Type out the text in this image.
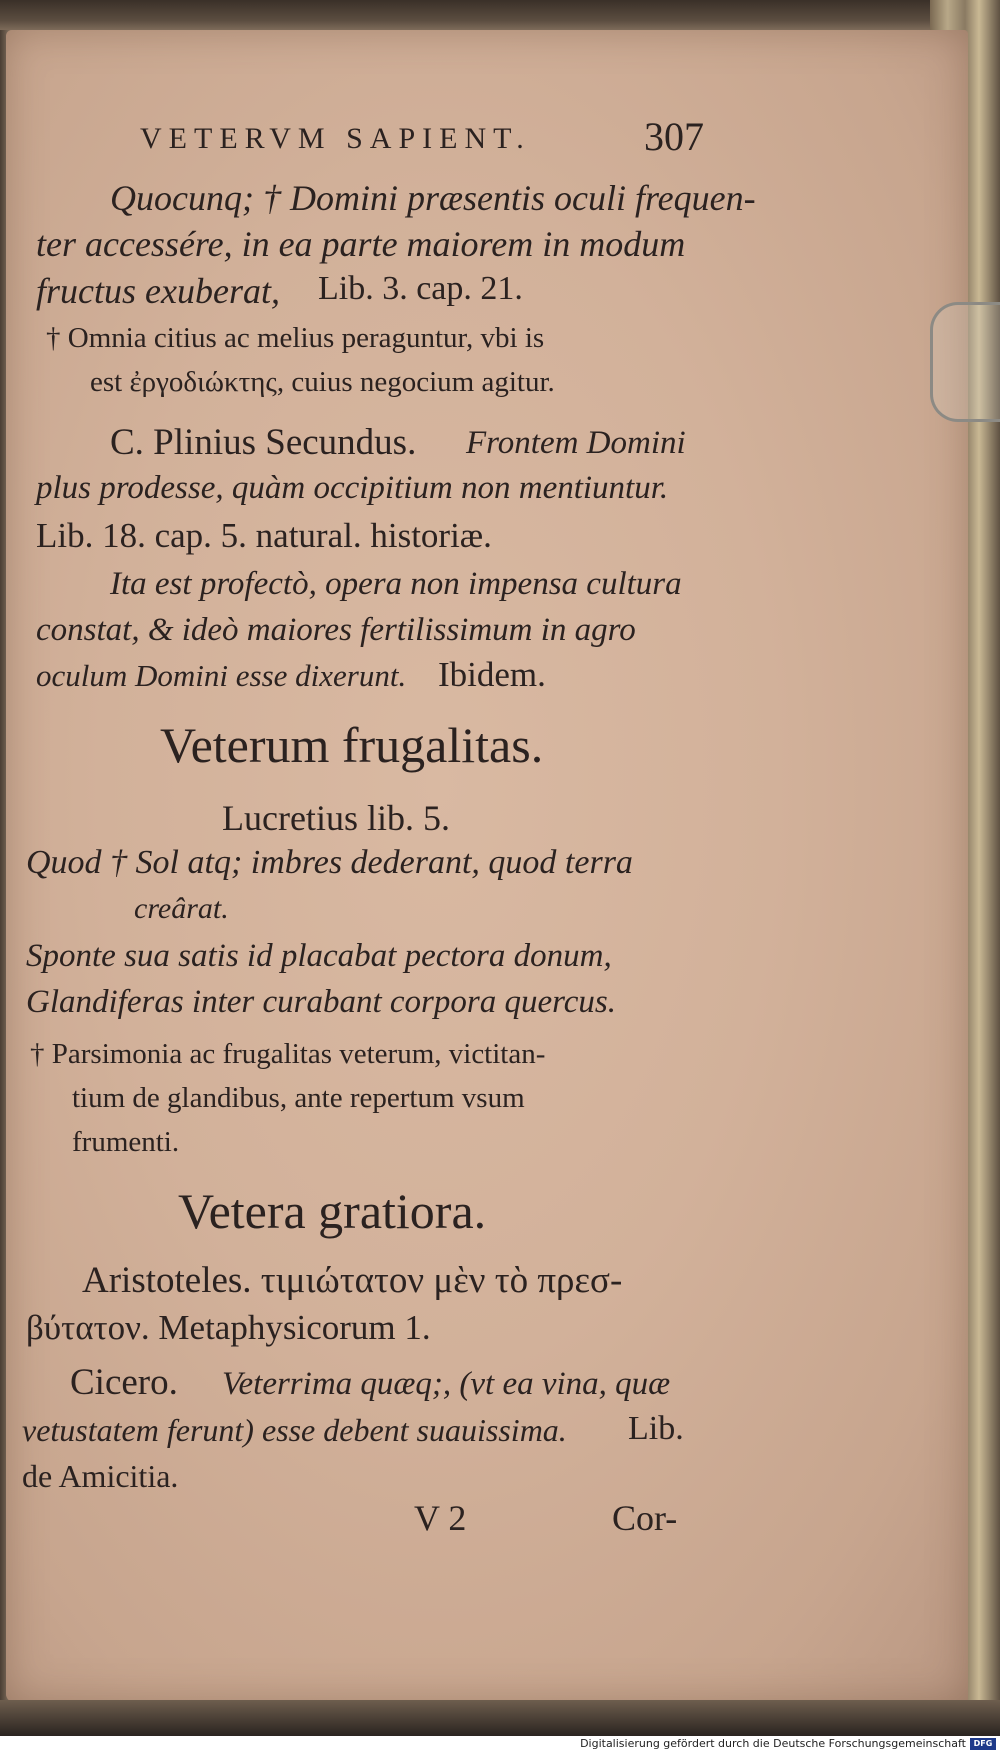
VETERVM SAPIENT.	307
Quocunq; † Domini præsentis oculi frequen-
ter accessére, in ea parte maiorem in modum
fructus exuberat, Lib. 3. cap. 21.
† Omnia citius ac melius peraguntur, vbi is
est ἐργοδιώκτης, cuius negocium agitur.
C. Plinius Secundus. Frontem Domini
plus prodesse, quàm occipitium non mentiuntur.
Lib. 18. cap. 5. natural. historiæ.
Ita est profectò, opera non impensa cultura
constat, & ideò maiores fertilissimum in agro
oculum Domini esse dixerunt. Ibidem.
Veterum frugalitas.
Lucretius lib. 5.
Quod † Sol atq; imbres dederant, quod terra
creârat.
Sponte sua satis id placabat pectora donum,
Glandiferas inter curabant corpora quercus.
† Parsimonia ac frugalitas veterum, victitan-
tium de glandibus, ante repertum vsum
frumenti.
Vetera gratiora.
Aristoteles. τιμιώτατον μὲν τὸ πρεσ-
βύτατον. Metaphysicorum 1.
Cicero. Veterrima quæq;, (vt ea vina, quæ
vetustatem ferunt) esse debent suauissima. Lib.
de Amicitia.
V 2	Cor-
Digitalisierung gefördert durch die Deutsche Forschungsgemeinschaft DFG
